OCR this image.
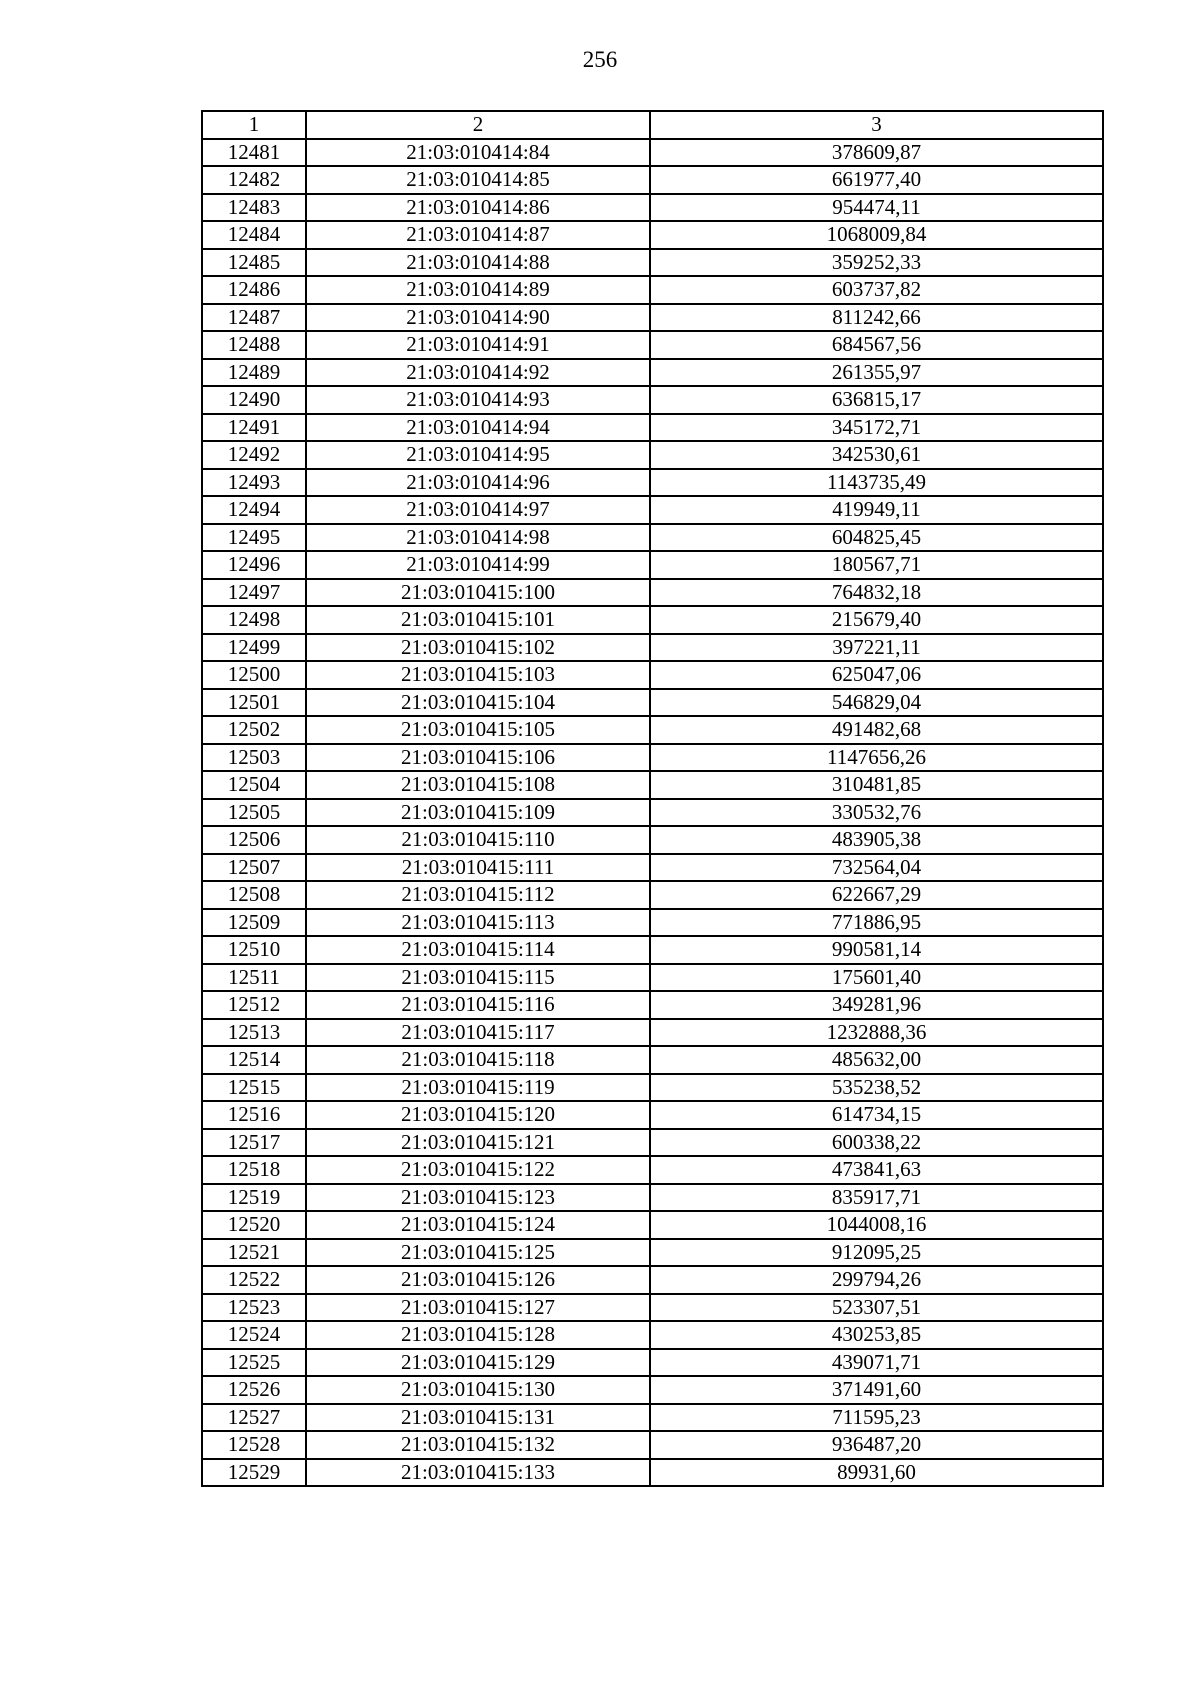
256
1	2	3
12481	21:03:010414:84	378609,87
12482	21:03:010414:85	661977,40
12483	21:03:010414:86	954474,11
12484	21:03:010414:87	1068009,84
12485	21:03:010414:88	359252,33
12486	21:03:010414:89	603737,82
12487	21:03:010414:90	811242,66
12488	21:03:010414:91	684567,56
12489	21:03:010414:92	261355,97
12490	21:03:010414:93	636815,17
12491	21:03:010414:94	345172,71
12492	21:03:010414:95	342530,61
12493	21:03:010414:96	1143735,49
12494	21:03:010414:97	419949,11
12495	21:03:010414:98	604825,45
12496	21:03:010414:99	180567,71
12497	21:03:010415:100	764832,18
12498	21:03:010415:101	215679,40
12499	21:03:010415:102	397221,11
12500	21:03:010415:103	625047,06
12501	21:03:010415:104	546829,04
12502	21:03:010415:105	491482,68
12503	21:03:010415:106	1147656,26
12504	21:03:010415:108	310481,85
12505	21:03:010415:109	330532,76
12506	21:03:010415:110	483905,38
12507	21:03:010415:111	732564,04
12508	21:03:010415:112	622667,29
12509	21:03:010415:113	771886,95
12510	21:03:010415:114	990581,14
12511	21:03:010415:115	175601,40
12512	21:03:010415:116	349281,96
12513	21:03:010415:117	1232888,36
12514	21:03:010415:118	485632,00
12515	21:03:010415:119	535238,52
12516	21:03:010415:120	614734,15
12517	21:03:010415:121	600338,22
12518	21:03:010415:122	473841,63
12519	21:03:010415:123	835917,71
12520	21:03:010415:124	1044008,16
12521	21:03:010415:125	912095,25
12522	21:03:010415:126	299794,26
12523	21:03:010415:127	523307,51
12524	21:03:010415:128	430253,85
12525	21:03:010415:129	439071,71
12526	21:03:010415:130	371491,60
12527	21:03:010415:131	711595,23
12528	21:03:010415:132	936487,20
12529	21:03:010415:133	89931,60
